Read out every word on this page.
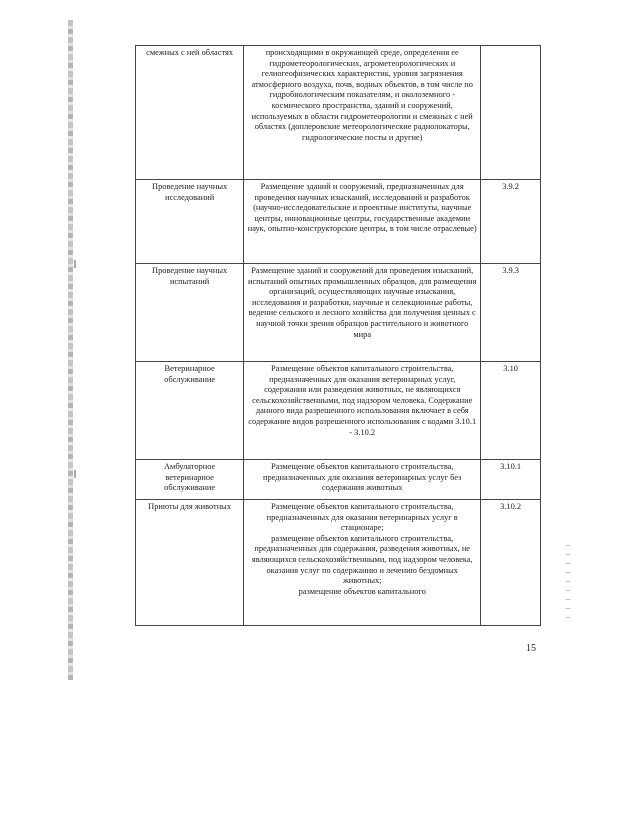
смежных с ней областях	происходящими в окружающей среде, определения ее гидрометеорологических, агрометеорологических и гелиогеофизических характеристик, уровня загрязнения атмосферного воздуха, почв, водных объектов, в том числе по гидробиологическим показателям, и околоземного - космического пространства, зданий и сооружений, используемых в области гидрометеорологии и смежных с ней областях (доплеровские метеорологические радиолокаторы, гидрологические посты и другие)	

Проведение научных исследований	Размещение зданий и сооружений, предназначенных для проведения научных изысканий, исследований и разработок (научно-исследовательские и проектные институты, научные центры, инновационные центры, государственные академии наук, опытно-конструкторские центры, в том числе отраслевые)	3.9.2
Проведение научных испытаний	Размещение зданий и сооружений для проведения изысканий, испытаний опытных промышленных образцов, для размещения организаций, осуществляющих научные изыскания, исследования и разработки, научные и селекционные работы, ведение сельского и лесного хозяйства для получения ценных с научной точки зрения образцов растительного и животного мира	3.9.3
Ветеринарное обслуживание	Размещение объектов капитального строительства, предназначенных для оказания ветеринарных услуг, содержания или разведения животных, не являющихся сельскохозяйственными, под надзором человека. Содержание данного вида разрешенного использования включает в себя содержание видов разрешенного использования с кодами 3.10.1 - 3.10.2	3.10
Амбулаторное ветеринарное обслуживание	Размещение объектов капитального строительства, предназначенных для оказания ветеринарных услуг без содержания животных	3.10.1
Приюты для животных	Размещение объектов капитального строительства, предназначенных для оказания ветеринарных услуг в стационаре;
размещение объектов капитального строительства, предназначенных для содержания, разведения животных, не являющихся сельскохозяйственными, под надзором человека, оказания услуг по содержанию и лечению бездомных животных;
размещение объектов капитального	3.10.2
15
